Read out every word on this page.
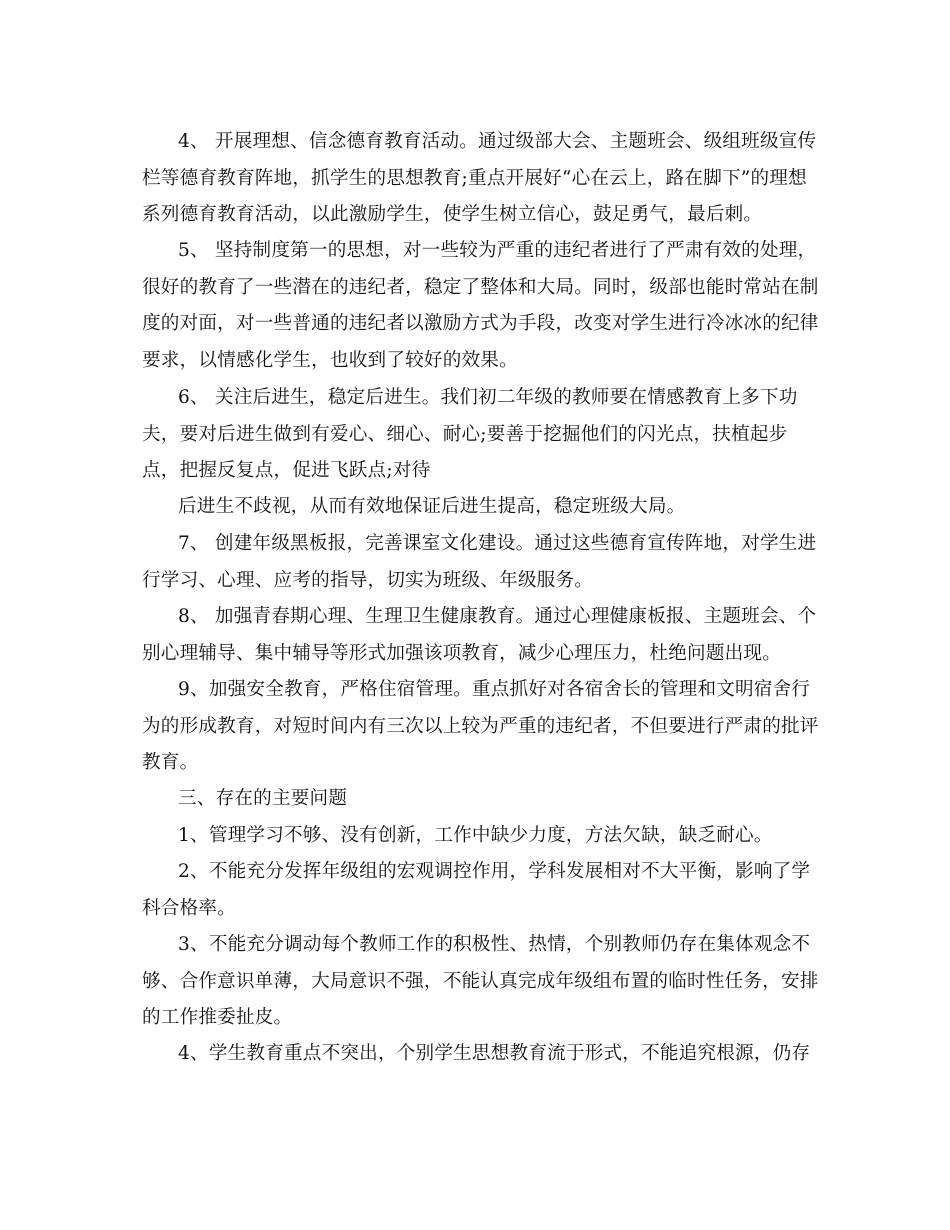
4、 开展理想、信念德育教育活动。通过级部大会、主题班会、级组班级宣传
栏等德育教育阵地，抓学生的思想教育;重点开展好“心在云上，路在脚下”的理想
系列德育教育活动，以此激励学生，使学生树立信心，鼓足勇气，最后刺。
5、 坚持制度第一的思想，对一些较为严重的违纪者进行了严肃有效的处理，
很好的教育了一些潜在的违纪者，稳定了整体和大局。同时，级部也能时常站在制
度的对面，对一些普通的违纪者以激励方式为手段，改变对学生进行冷冰冰的纪律
要求，以情感化学生，也收到了较好的效果。
6、 关注后进生，稳定后进生。我们初二年级的教师要在情感教育上多下功
夫，要对后进生做到有爱心、细心、耐心;要善于挖掘他们的闪光点，扶植起步
点，把握反复点，促进飞跃点;对待
后进生不歧视，从而有效地保证后进生提高，稳定班级大局。
7、 创建年级黑板报，完善课室文化建设。通过这些德育宣传阵地，对学生进
行学习、心理、应考的指导，切实为班级、年级服务。
8、 加强青春期心理、生理卫生健康教育。通过心理健康板报、主题班会、个
别心理辅导、集中辅导等形式加强该项教育，减少心理压力，杜绝问题出现。
9、加强安全教育，严格住宿管理。重点抓好对各宿舍长的管理和文明宿舍行
为的形成教育，对短时间内有三次以上较为严重的违纪者，不但要进行严肃的批评
教育。
三、存在的主要问题
1、管理学习不够、没有创新，工作中缺少力度，方法欠缺，缺乏耐心。
2、不能充分发挥年级组的宏观调控作用，学科发展相对不大平衡，影响了学
科合格率。
3、不能充分调动每个教师工作的积极性、热情，个别教师仍存在集体观念不
够、合作意识单薄，大局意识不强，不能认真完成年级组布置的临时性任务，安排
的工作推委扯皮。
4、学生教育重点不突出，个别学生思想教育流于形式，不能追究根源，仍存
